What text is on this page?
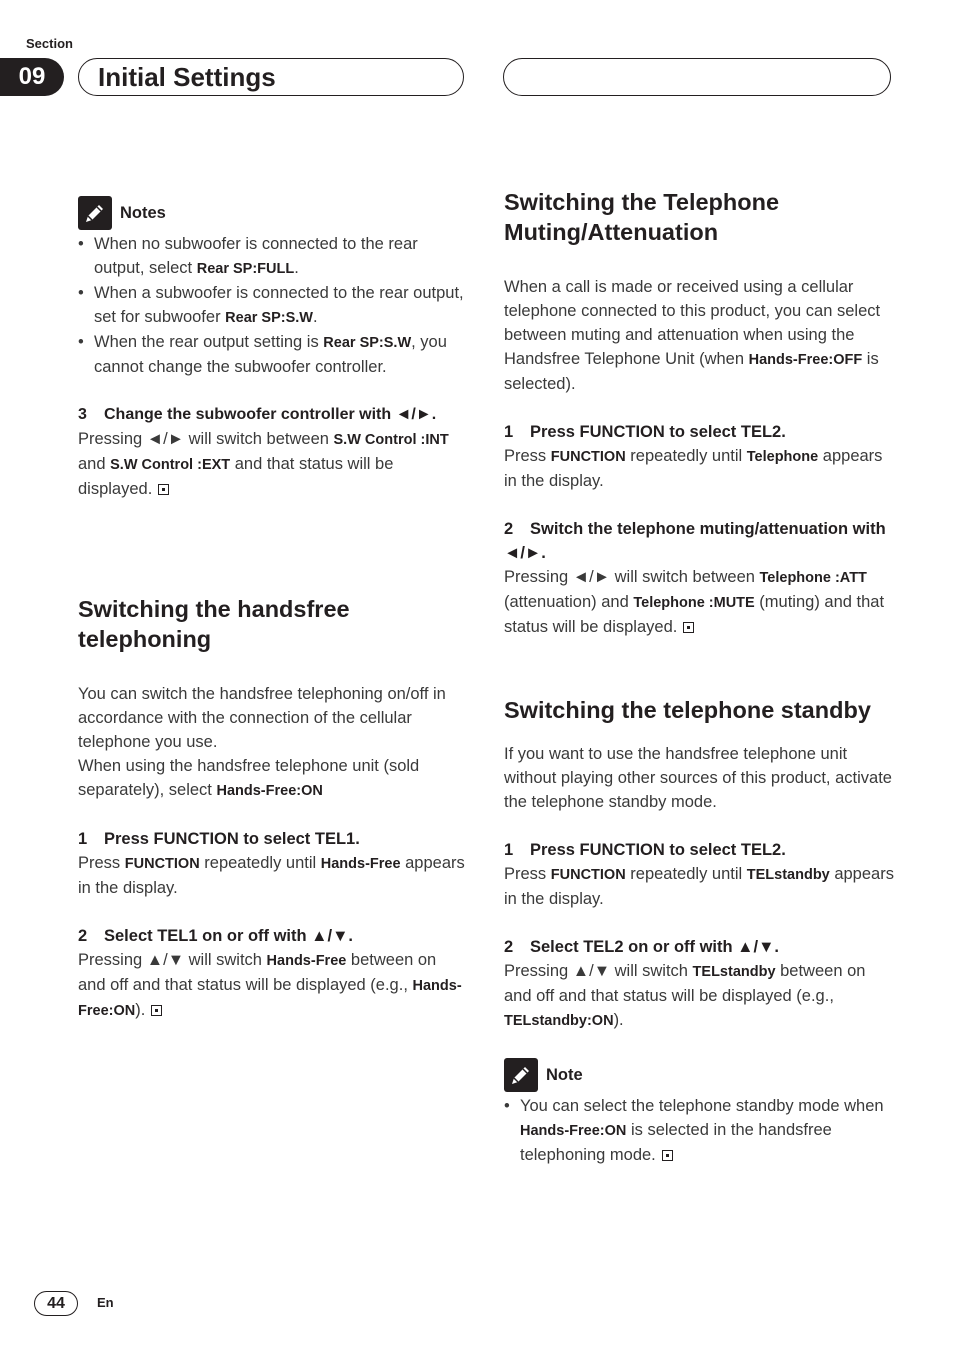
Section
09	Initial Settings
Notes
• When no subwoofer is connected to the rear output, select Rear SP:FULL.
• When a subwoofer is connected to the rear output, set for subwoofer Rear SP:S.W.
• When the rear output setting is Rear SP:S.W, you cannot change the subwoofer controller.
3 Change the subwoofer controller with ◄/►.

Pressing ◄/► will switch between S.W Control :INT and S.W Control :EXT and that status will be displayed.

Switching the handsfree telephoning

You can switch the handsfree telephoning on/off in accordance with the connection of the cellular telephone you use.

When using the handsfree telephone unit (sold separately), select Hands-Free:ON

1 Press FUNCTION to select TEL1.

Press FUNCTION repeatedly until Hands-Free appears in the display.

2 Select TEL1 on or off with ▲/▼.

Pressing ▲/▼ will switch Hands-Free between on and off and that status will be displayed (e.g., Hands-Free:ON).

Switching the Telephone Muting/Attenuation

When a call is made or received using a cellular telephone connected to this product, you can select between muting and attenuation when using the Handsfree Telephone Unit (when Hands-Free:OFF is selected).

1 Press FUNCTION to select TEL2.

Press FUNCTION repeatedly until Telephone appears in the display.

2 Switch the telephone muting/attenuation with ◄/►.

Pressing ◄/► will switch between Telephone :ATT (attenuation) and Telephone :MUTE (muting) and that status will be displayed.

Switching the telephone standby

If you want to use the handsfree telephone unit without playing other sources of this product, activate the telephone standby mode.

1 Press FUNCTION to select TEL2.

Press FUNCTION repeatedly until TELstandby appears in the display.

2 Select TEL2 on or off with ▲/▼.

Pressing ▲/▼ will switch TELstandby between on and off and that status will be displayed (e.g., TELstandby:ON).

Note
• You can select the telephone standby mode when Hands-Free:ON is selected in the handsfree telephoning mode.
44	En
